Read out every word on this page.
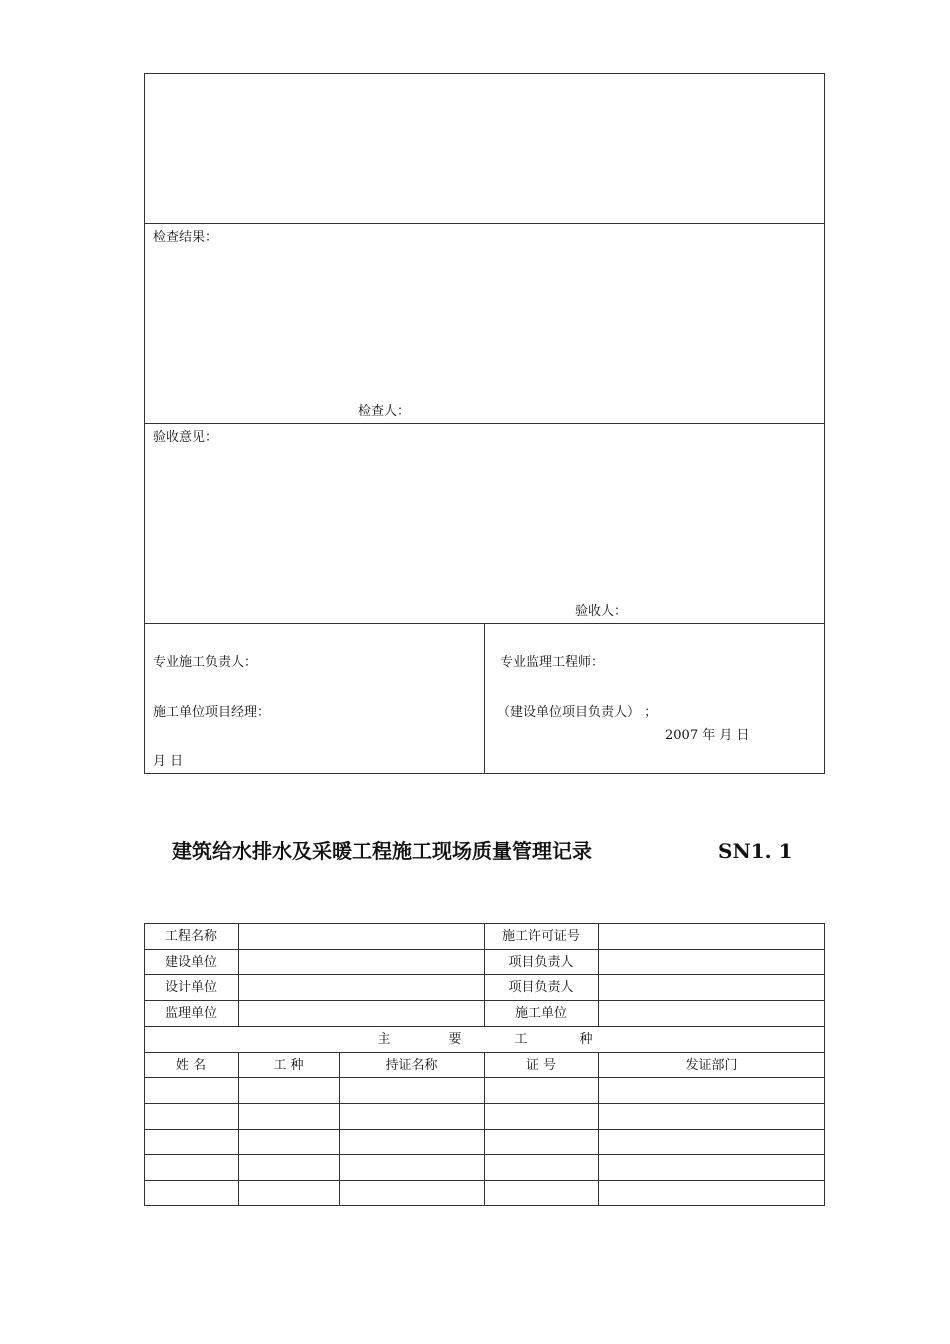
检查结果：
检查人：
验收意见：
验收人：
专业施工负责人：
施工单位项目经理：
月 日
专业监理工程师：
（建设单位项目负责人） ；
2007 年 月 日
建筑给水排水及采暖工程施工现场质量管理记录	SN1. 1
工程名称	施工许可证号
建设单位	项目负责人
设计单位	项目负责人
监理单位	施工单位
主	要	工	种
姓 名	工 种	持证名称	证 号	发证部门
